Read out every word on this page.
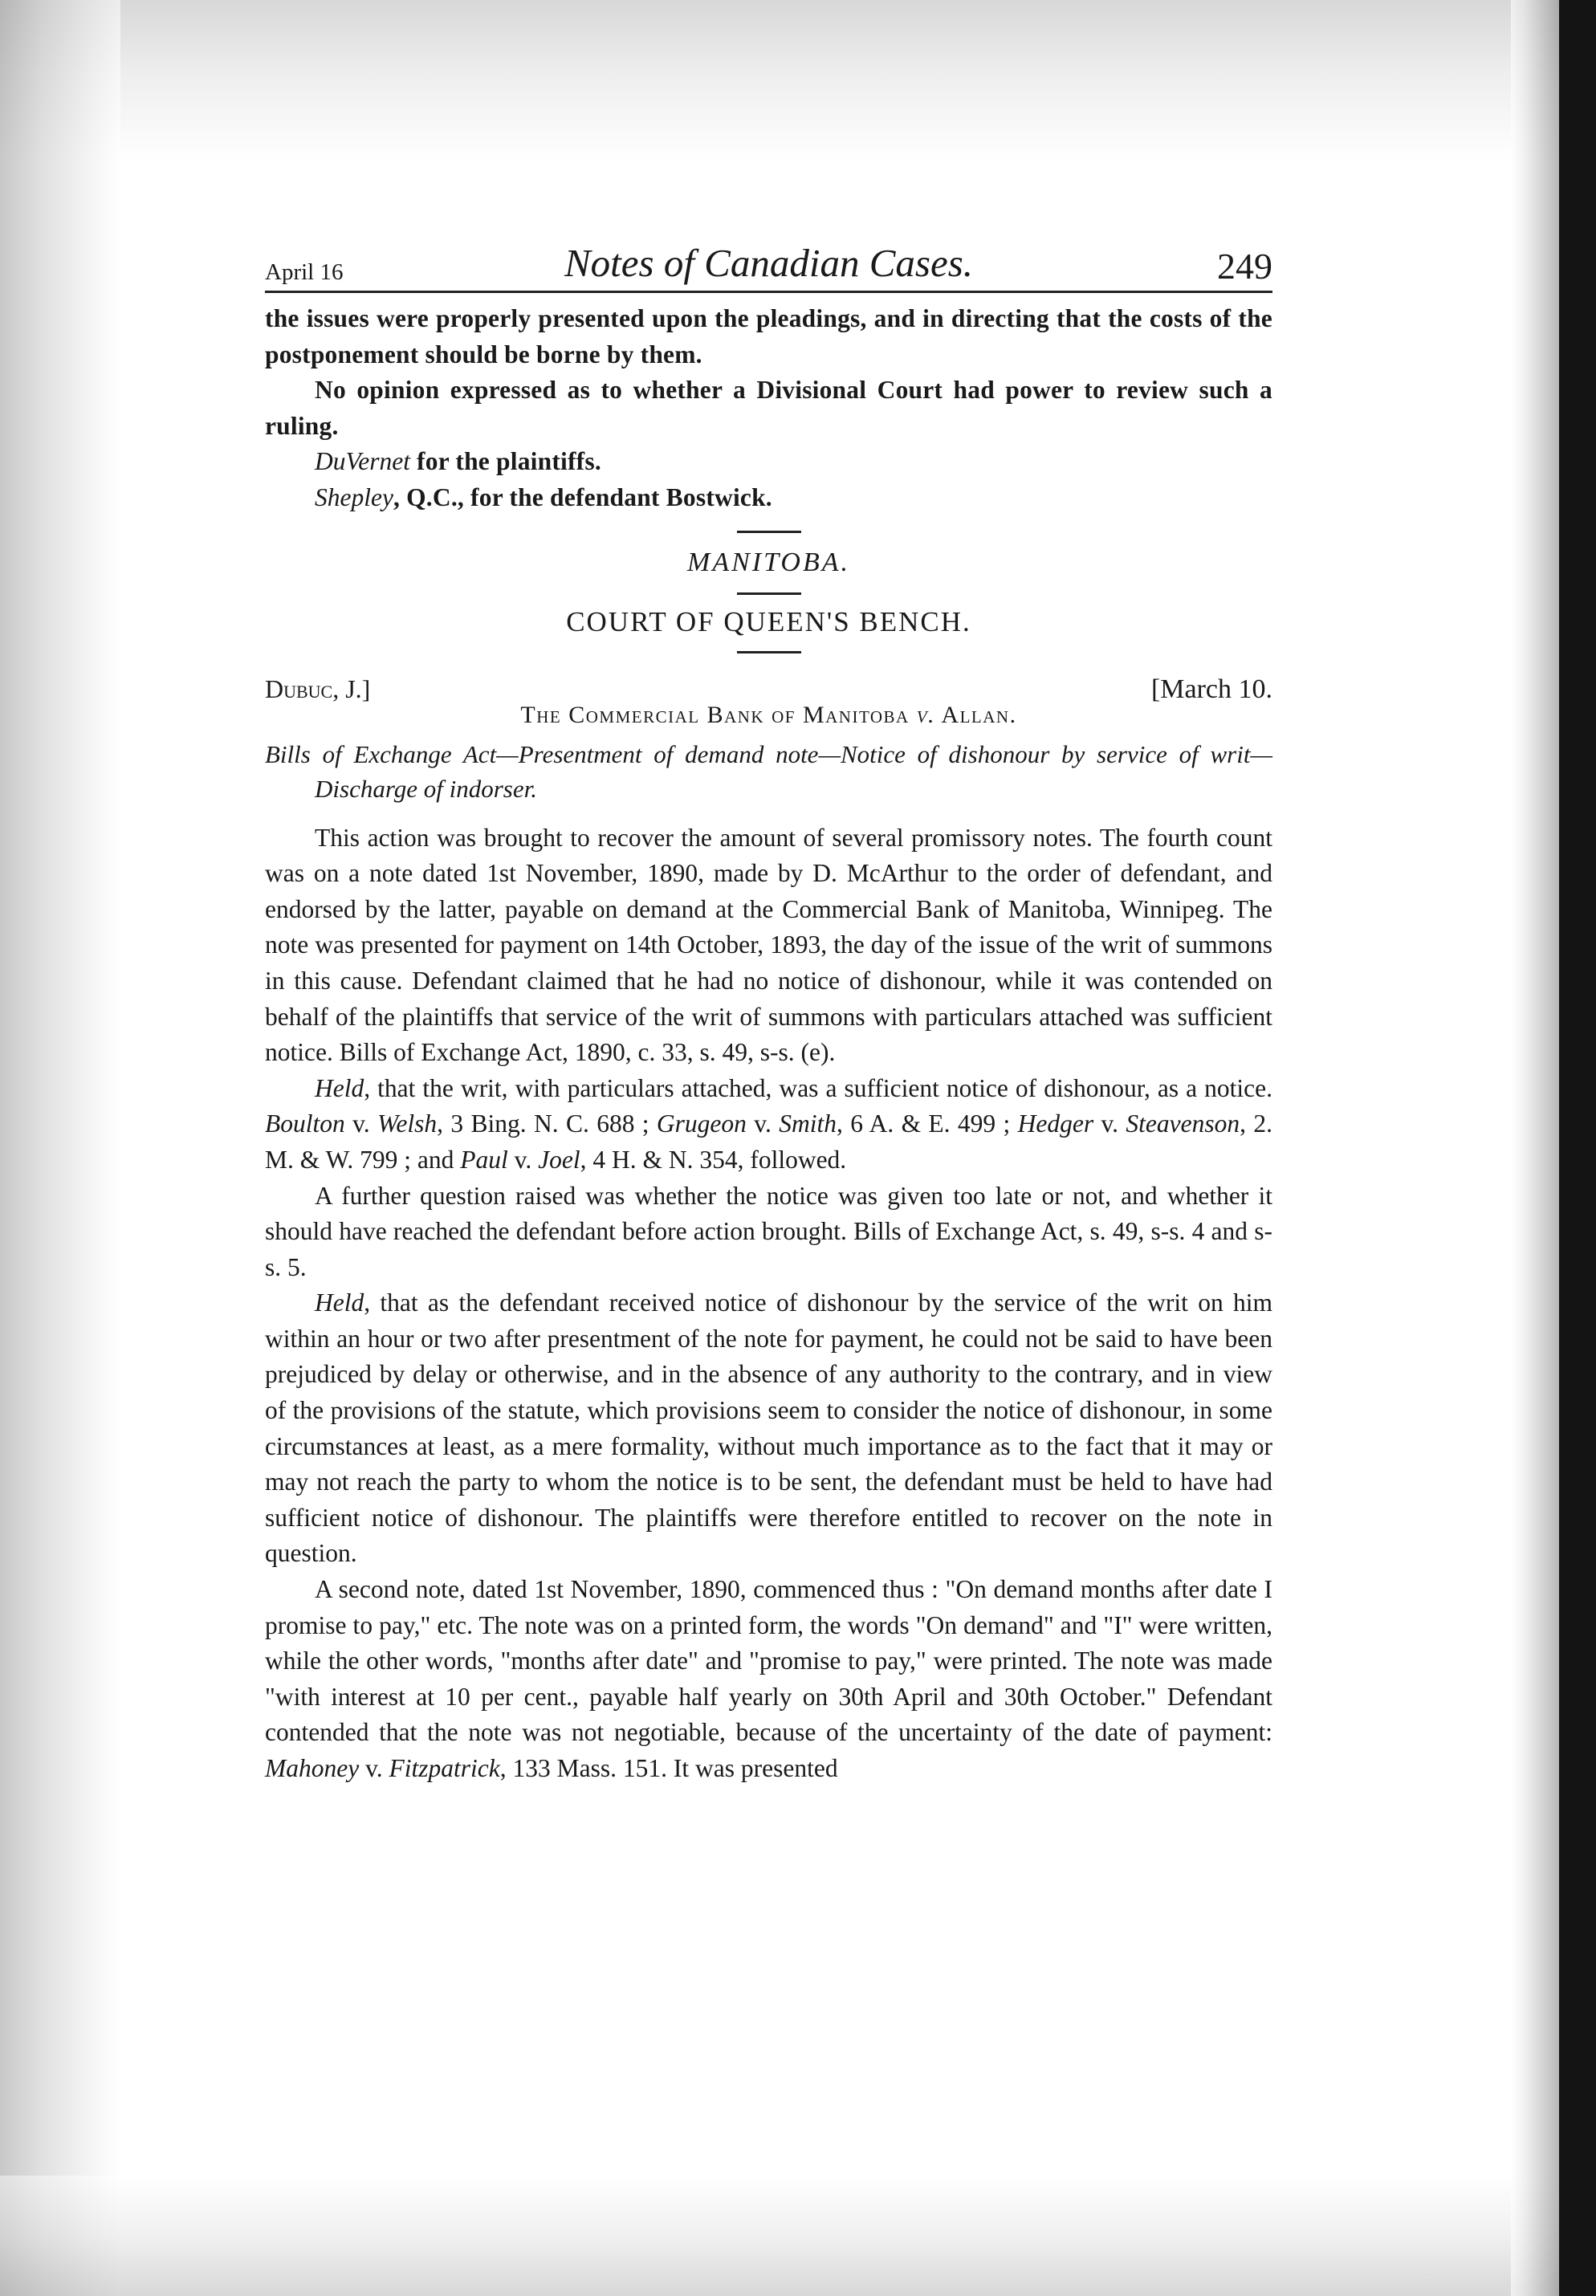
April 16	Notes of Canadian Cases.	249

the issues were properly presented upon the pleadings, and in directing that the costs of the postponement should be borne by them.

No opinion expressed as to whether a Divisional Court had power to review such a ruling.

DuVernet for the plaintiffs.

Shepley, Q.C., for the defendant Bostwick.

MANITOBA.
COURT OF QUEEN'S BENCH.
Dubuc, J.]	[March 10.
The Commercial Bank of Manitoba v. Allan.
Bills of Exchange Act—Presentment of demand note—Notice of dishonour by service of writ—Discharge of indorser.

This action was brought to recover the amount of several promissory notes. The fourth count was on a note dated 1st November, 1890, made by D. McArthur to the order of defendant, and endorsed by the latter, payable on demand at the Commercial Bank of Manitoba, Winnipeg. The note was presented for payment on 14th October, 1893, the day of the issue of the writ of summons in this cause. Defendant claimed that he had no notice of dishonour, while it was contended on behalf of the plaintiffs that service of the writ of summons with particulars attached was sufficient notice. Bills of Exchange Act, 1890, c. 33, s. 49, s-s. (e).

Held, that the writ, with particulars attached, was a sufficient notice of dishonour, as a notice. Boulton v. Welsh, 3 Bing. N. C. 688 ; Grugeon v. Smith, 6 A. & E. 499 ; Hedger v. Steavenson, 2. M. & W. 799 ; and Paul v. Joel, 4 H. & N. 354, followed.

A further question raised was whether the notice was given too late or not, and whether it should have reached the defendant before action brought. Bills of Exchange Act, s. 49, s-s. 4 and s-s. 5.

Held, that as the defendant received notice of dishonour by the service of the writ on him within an hour or two after presentment of the note for payment, he could not be said to have been prejudiced by delay or otherwise, and in the absence of any authority to the contrary, and in view of the provisions of the statute, which provisions seem to consider the notice of dishonour, in some circumstances at least, as a mere formality, without much importance as to the fact that it may or may not reach the party to whom the notice is to be sent, the defendant must be held to have had sufficient notice of dishonour. The plaintiffs were therefore entitled to recover on the note in question.

A second note, dated 1st November, 1890, commenced thus : "On demand months after date I promise to pay," etc. The note was on a printed form, the words "On demand" and "I" were written, while the other words, "months after date" and "promise to pay," were printed. The note was made "with interest at 10 per cent., payable half yearly on 30th April and 30th October." Defendant contended that the note was not negotiable, because of the uncertainty of the date of payment: Mahoney v. Fitzpatrick, 133 Mass. 151. It was presented
